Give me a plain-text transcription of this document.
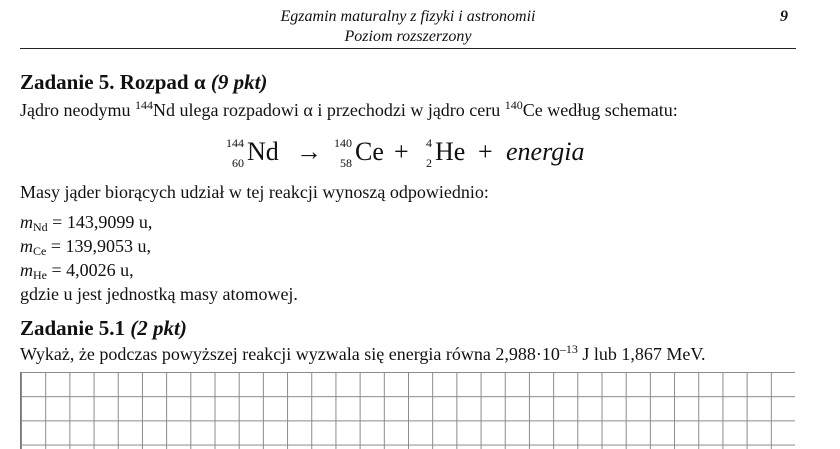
Egzamin maturalny z fizyki i astronomii
Poziom rozszerzony
9
Zadanie 5. Rozpad α (9 pkt)
Jądro neodymu $^{144}$Nd ulega rozpadowi α i przechodzi w jądro ceru $^{140}$Ce według schematu:
144
60 Nd →	140
58 Ce +	4
2 He + energia
Masy jąder biorących udział w tej reakcji wynoszą odpowiednio:
$m_{Nd} = 143,9099$ u,
$m_{Ce} = 139,9053$ u,
$m_{He} = 4,0026$ u,
gdzie u jest jednostką masy atomowej.
Zadanie 5.1 (2 pkt)
Wykaż, że podczas powyższej reakcji wyzwala się energia równa $2,988\cdot 10^{-13}$ J lub 1,867 MeV.
